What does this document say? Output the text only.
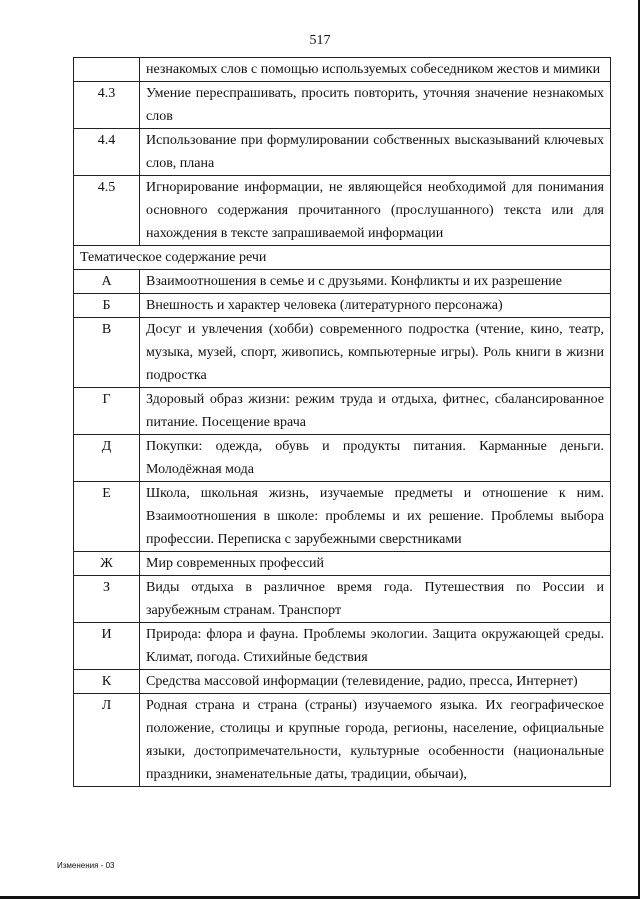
517
	незнакомых слов с помощью используемых собеседником жестов и мимики
4.3	Умение переспрашивать, просить повторить, уточняя значение незнакомых слов
4.4	Использование при формулировании собственных высказываний ключевых слов, плана
4.5	Игнорирование информации, не являющейся необходимой для понимания основного содержания прочитанного (прослушанного) текста или для нахождения в тексте запрашиваемой информации
Тематическое содержание речи	
А	Взаимоотношения в семье и с друзьями. Конфликты и их разрешение
Б	Внешность и характер человека (литературного персонажа)
В	Досуг и увлечения (хобби) современного подростка (чтение, кино, театр, музыка, музей, спорт, живопись, компьютерные игры). Роль книги в жизни подростка
Г	Здоровый образ жизни: режим труда и отдыха, фитнес, сбалансированное питание. Посещение врача
Д	Покупки: одежда, обувь и продукты питания. Карманные деньги. Молодёжная мода
Е	Школа, школьная жизнь, изучаемые предметы и отношение к ним. Взаимоотношения в школе: проблемы и их решение. Проблемы выбора профессии. Переписка с зарубежными сверстниками
Ж	Мир современных профессий
З	Виды отдыха в различное время года. Путешествия по России и зарубежным странам. Транспорт
И	Природа: флора и фауна. Проблемы экологии. Защита окружающей среды. Климат, погода. Стихийные бедствия
К	Средства массовой информации (телевидение, радио, пресса, Интернет)
Л	Родная страна и страна (страны) изучаемого языка. Их географическое положение, столицы и крупные города, регионы, население, официальные языки, достопримечательности, культурные особенности (национальные праздники, знаменательные даты, традиции, обычаи),
Изменения - 03
